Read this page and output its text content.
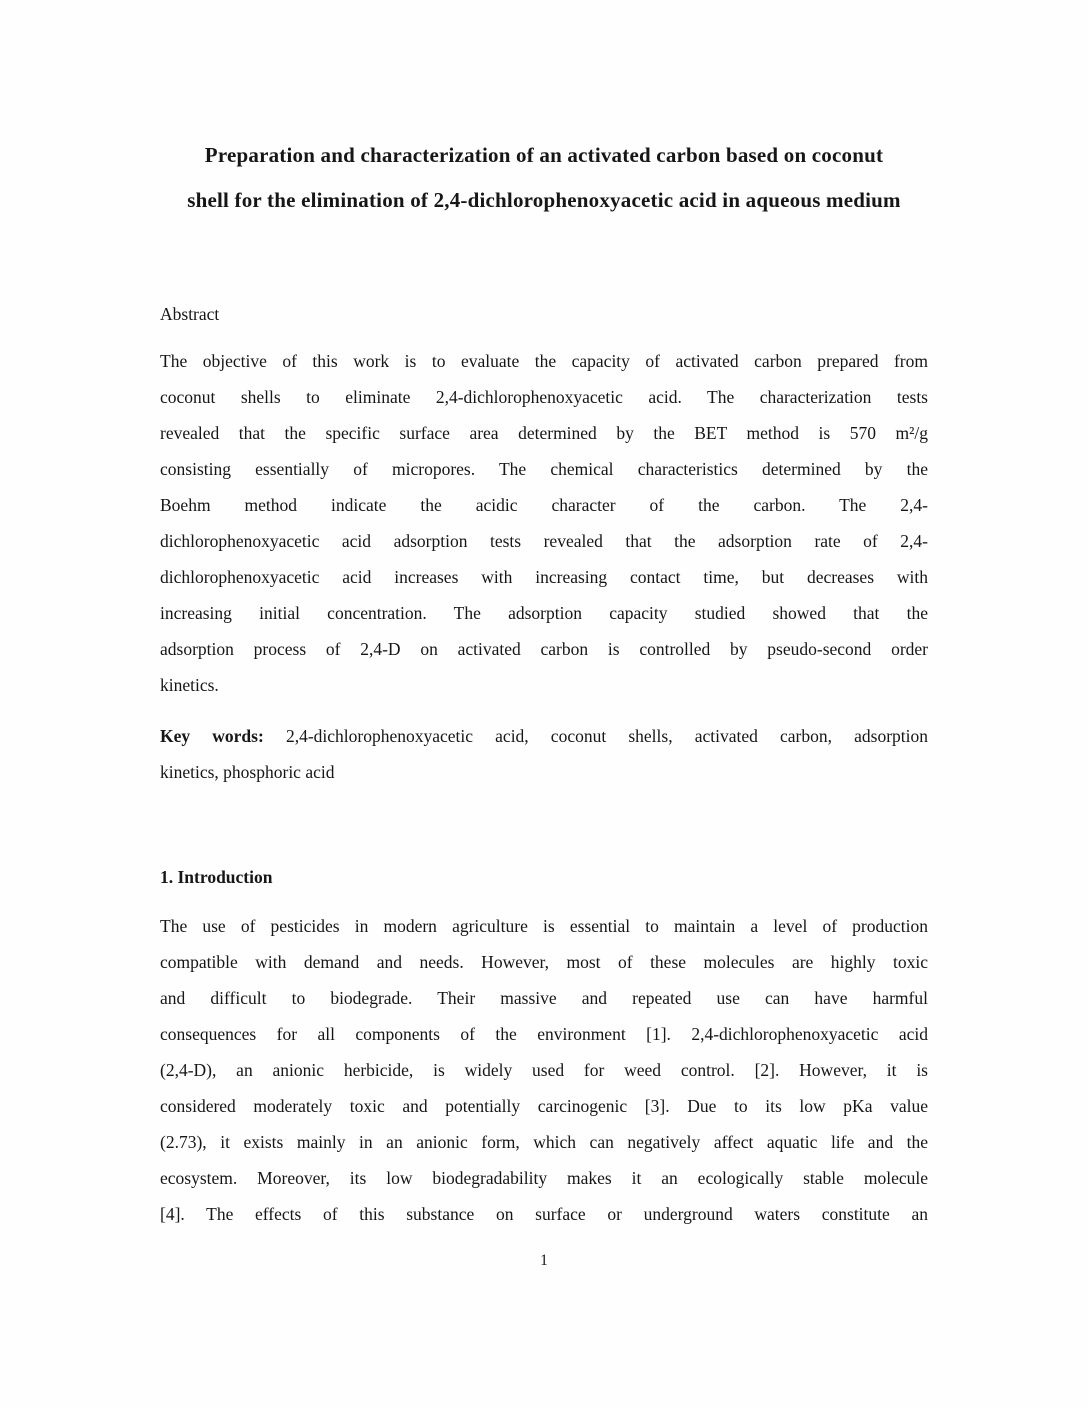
Preparation and characterization of an activated carbon based on coconut
shell for the elimination of 2,4-dichlorophenoxyacetic acid in aqueous medium
Abstract
The objective of this work is to evaluate the capacity of activated carbon prepared from
coconut shells to eliminate 2,4-dichlorophenoxyacetic acid. The characterization tests
revealed that the specific surface area determined by the BET method is 570 m²/g
consisting essentially of micropores. The chemical characteristics determined by the
Boehm method indicate the acidic character of the carbon. The 2,4-
dichlorophenoxyacetic acid adsorption tests revealed that the adsorption rate of 2,4-
dichlorophenoxyacetic acid increases with increasing contact time, but decreases with
increasing initial concentration. The adsorption capacity studied showed that the
adsorption process of 2,4-D on activated carbon is controlled by pseudo-second order
kinetics.
Key words: 2,4-dichlorophenoxyacetic acid, coconut shells, activated carbon, adsorption
kinetics, phosphoric acid
1. Introduction
The use of pesticides in modern agriculture is essential to maintain a level of production
compatible with demand and needs. However, most of these molecules are highly toxic
and difficult to biodegrade. Their massive and repeated use can have harmful
consequences for all components of the environment [1]. 2,4-dichlorophenoxyacetic acid
(2,4-D), an anionic herbicide, is widely used for weed control. [2]. However, it is
considered moderately toxic and potentially carcinogenic [3]. Due to its low pKa value
(2.73), it exists mainly in an anionic form, which can negatively affect aquatic life and the
ecosystem. Moreover, its low biodegradability makes it an ecologically stable molecule
[4]. The effects of this substance on surface or underground waters constitute an
1
